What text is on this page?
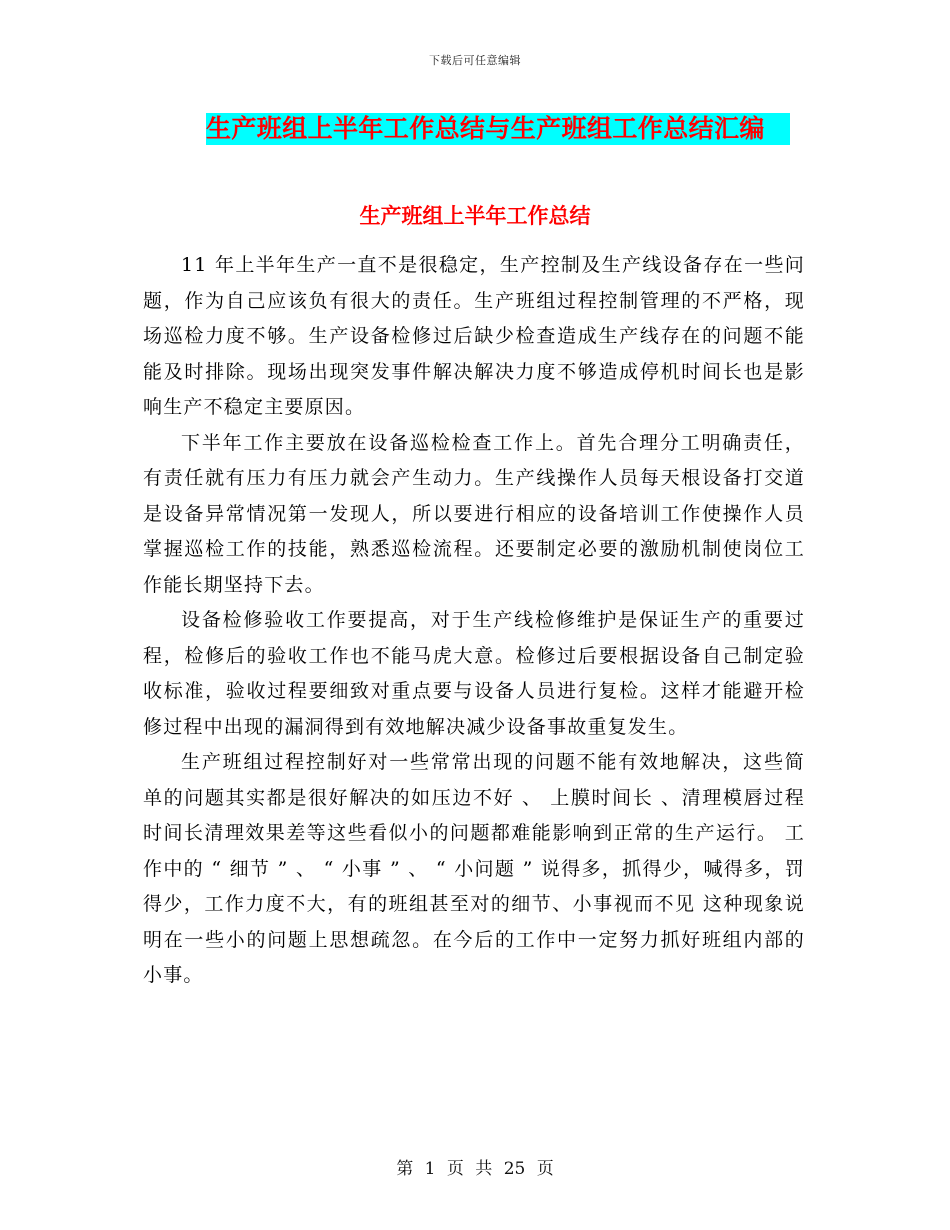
下载后可任意编辑
生产班组上半年工作总结与生产班组工作总结汇编
生产班组上半年工作总结

11 年上半年生产一直不是很稳定，生产控制及生产线设备存在一些问题，作为自己应该负有很大的责任。生产班组过程控制管理的不严格，现场巡检力度不够。生产设备检修过后缺少检查造成生产线存在的问题不能能及时排除。现场出现突发事件解决解决力度不够造成停机时间长也是影响生产不稳定主要原因。

下半年工作主要放在设备巡检检查工作上。首先合理分工明确责任，有责任就有压力有压力就会产生动力。生产线操作人员每天根设备打交道是设备异常情况第一发现人，所以要进行相应的设备培训工作使操作人员掌握巡检工作的技能，熟悉巡检流程。还要制定必要的激励机制使岗位工作能长期坚持下去。

设备检修验收工作要提高，对于生产线检修维护是保证生产的重要过程，检修后的验收工作也不能马虎大意。检修过后要根据设备自己制定验收标准，验收过程要细致对重点要与设备人员进行复检。这样才能避开检修过程中出现的漏洞得到有效地解决减少设备事故重复发生。

生产班组过程控制好对一些常常出现的问题不能有效地解决，这些简单的问题其实都是很好解决的如压边不好 、 上膜时间长 、清理模唇过程时间长清理效果差等这些看似小的问题都难能影响到正常的生产运行。 工作中的 “ 细节 ” 、 “ 小事 ” 、 “ 小问题 ” 说得多，抓得少，喊得多，罚得少，工作力度不大，有的班组甚至对的细节、小事视而不见 这种现象说明在一些小的问题上思想疏忽。在今后的工作中一定努力抓好班组内部的小事。

第 1 页 共 25 页
